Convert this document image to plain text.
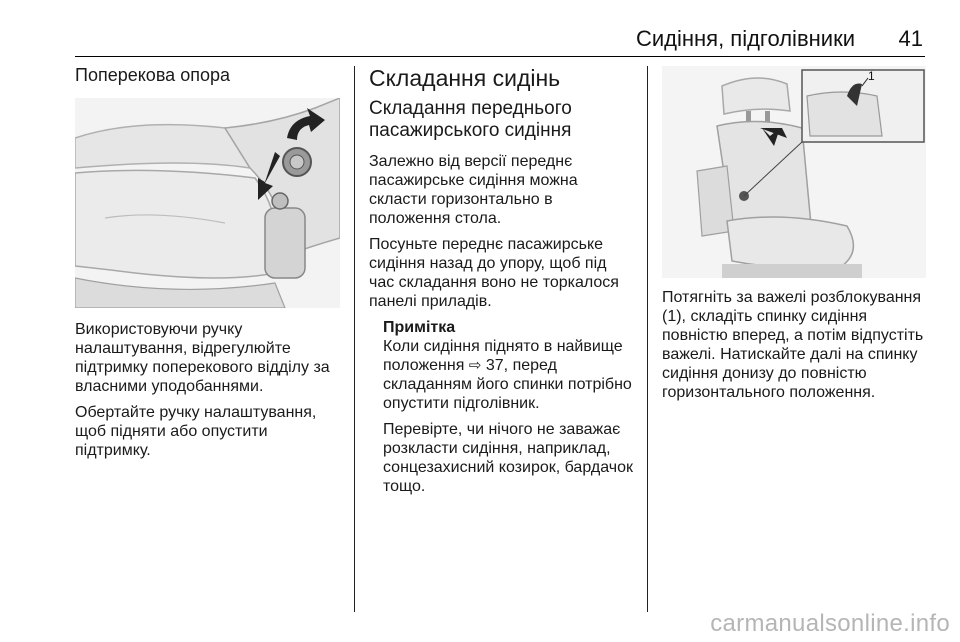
Сидіння, підголівники 41
Поперекова опора

Використовуючи ручку налаштування, відрегулюйте підтримку поперекового відділу за власними уподобаннями.

Обертайте ручку налаштування, щоб підняти або опустити підтримку.

Складання сидінь
Складання переднього пасажирського сидіння

Залежно від версії переднє пасажирське сидіння можна скласти горизонтально в положення стола.

Посуньте переднє пасажирське сидіння назад до упору, щоб під час складання воно не торкалося панелі приладів.

Примітка

Коли сидіння піднято в найвище положення ⇨ 37, перед складанням його спинки потрібно опустити підголівник.

Перевірте, чи нічого не заважає розкласти сидіння, наприклад, сонцезахисний козирок, бардачок тощо.

1

Потягніть за важелі розблокування (1), складіть спинку сидіння повністю вперед, а потім відпустіть важелі. Натискайте далі на спинку сидіння донизу до повністю горизонтального положення.

carmanualsonline.info
